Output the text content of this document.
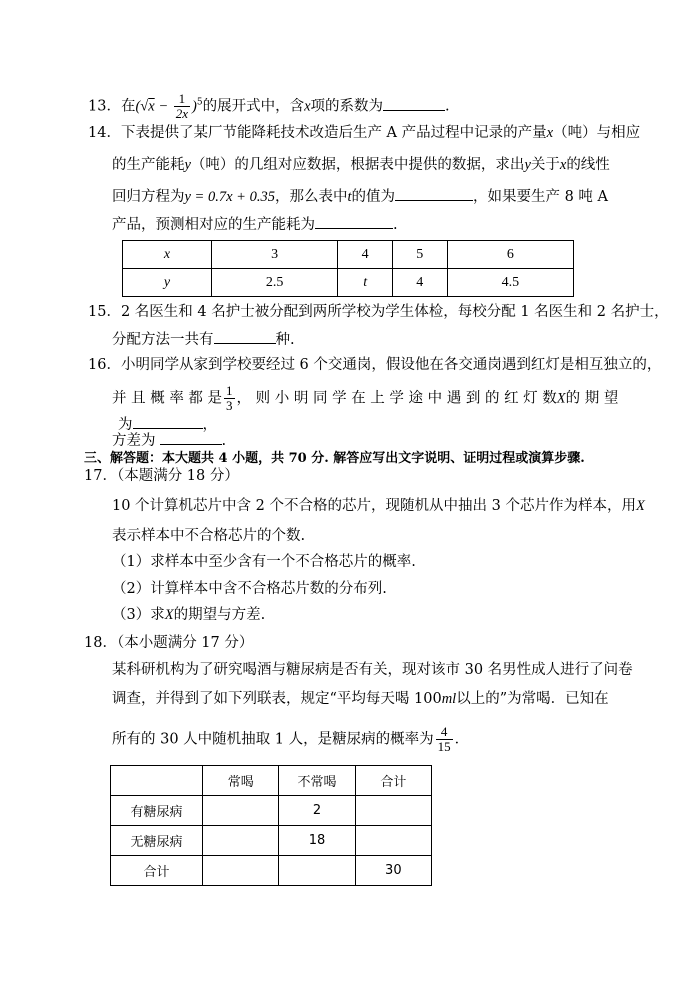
13．在$(√x - \frac{1}{2x} )^5$的展开式中，含x项的系数为	.
14．下表提供了某厂节能降耗技术改造后生产 A 产品过程中记录的产量x（吨）与相应
的生产能耗y（吨）的几组对应数据，根据表中提供的数据，求出y关于x的线性
回归方程为y = 0.7x + 0.35，那么表中t的值为	，如果要生产 8 吨 A
产品，预测相对应的生产能耗为	.
x	3	4	5	6
y	2.5	t	4	4.5
15．2 名医生和 4 名护士被分配到两所学校为学生体检，每校分配 1 名医生和 2 名护士，
分配方法一共有	种.
16．小明同学从家到学校要经过 6 个交通岗，假设他在各交通岗遇到红灯是相互独立的，
并 且 概 率 都 是 $\frac{1}{3}$ ， 则 小 明 同 学 在 上 学 途 中 遇 到 的 红 灯 数X的 期 望
为	，
方差为	.
三、解答题：本大题共 4 小题，共 70 分. 解答应写出文字说明、证明过程或演算步骤.
17．（本题满分 18 分）
10 个计算机芯片中含 2 个不合格的芯片，现随机从中抽出 3 个芯片作为样本，用X
表示样本中不合格芯片的个数.
（1）求样本中至少含有一个不合格芯片的概率.
（2）计算样本中含不合格芯片数的分布列.
（3）求X的期望与方差.
18．（本小题满分 17 分）
某科研机构为了研究喝酒与糖尿病是否有关，现对该市 30 名男性成人进行了问卷
调查，并得到了如下列联表，规定“平均每天喝 100ml以上的”为常喝．已知在
所有的 30 人中随机抽取 1 人，是糖尿病的概率为 $\frac{4}{15}$ ．
	常喝	不常喝	合计
有糖尿病		2	
无糖尿病		18	
合计			30
